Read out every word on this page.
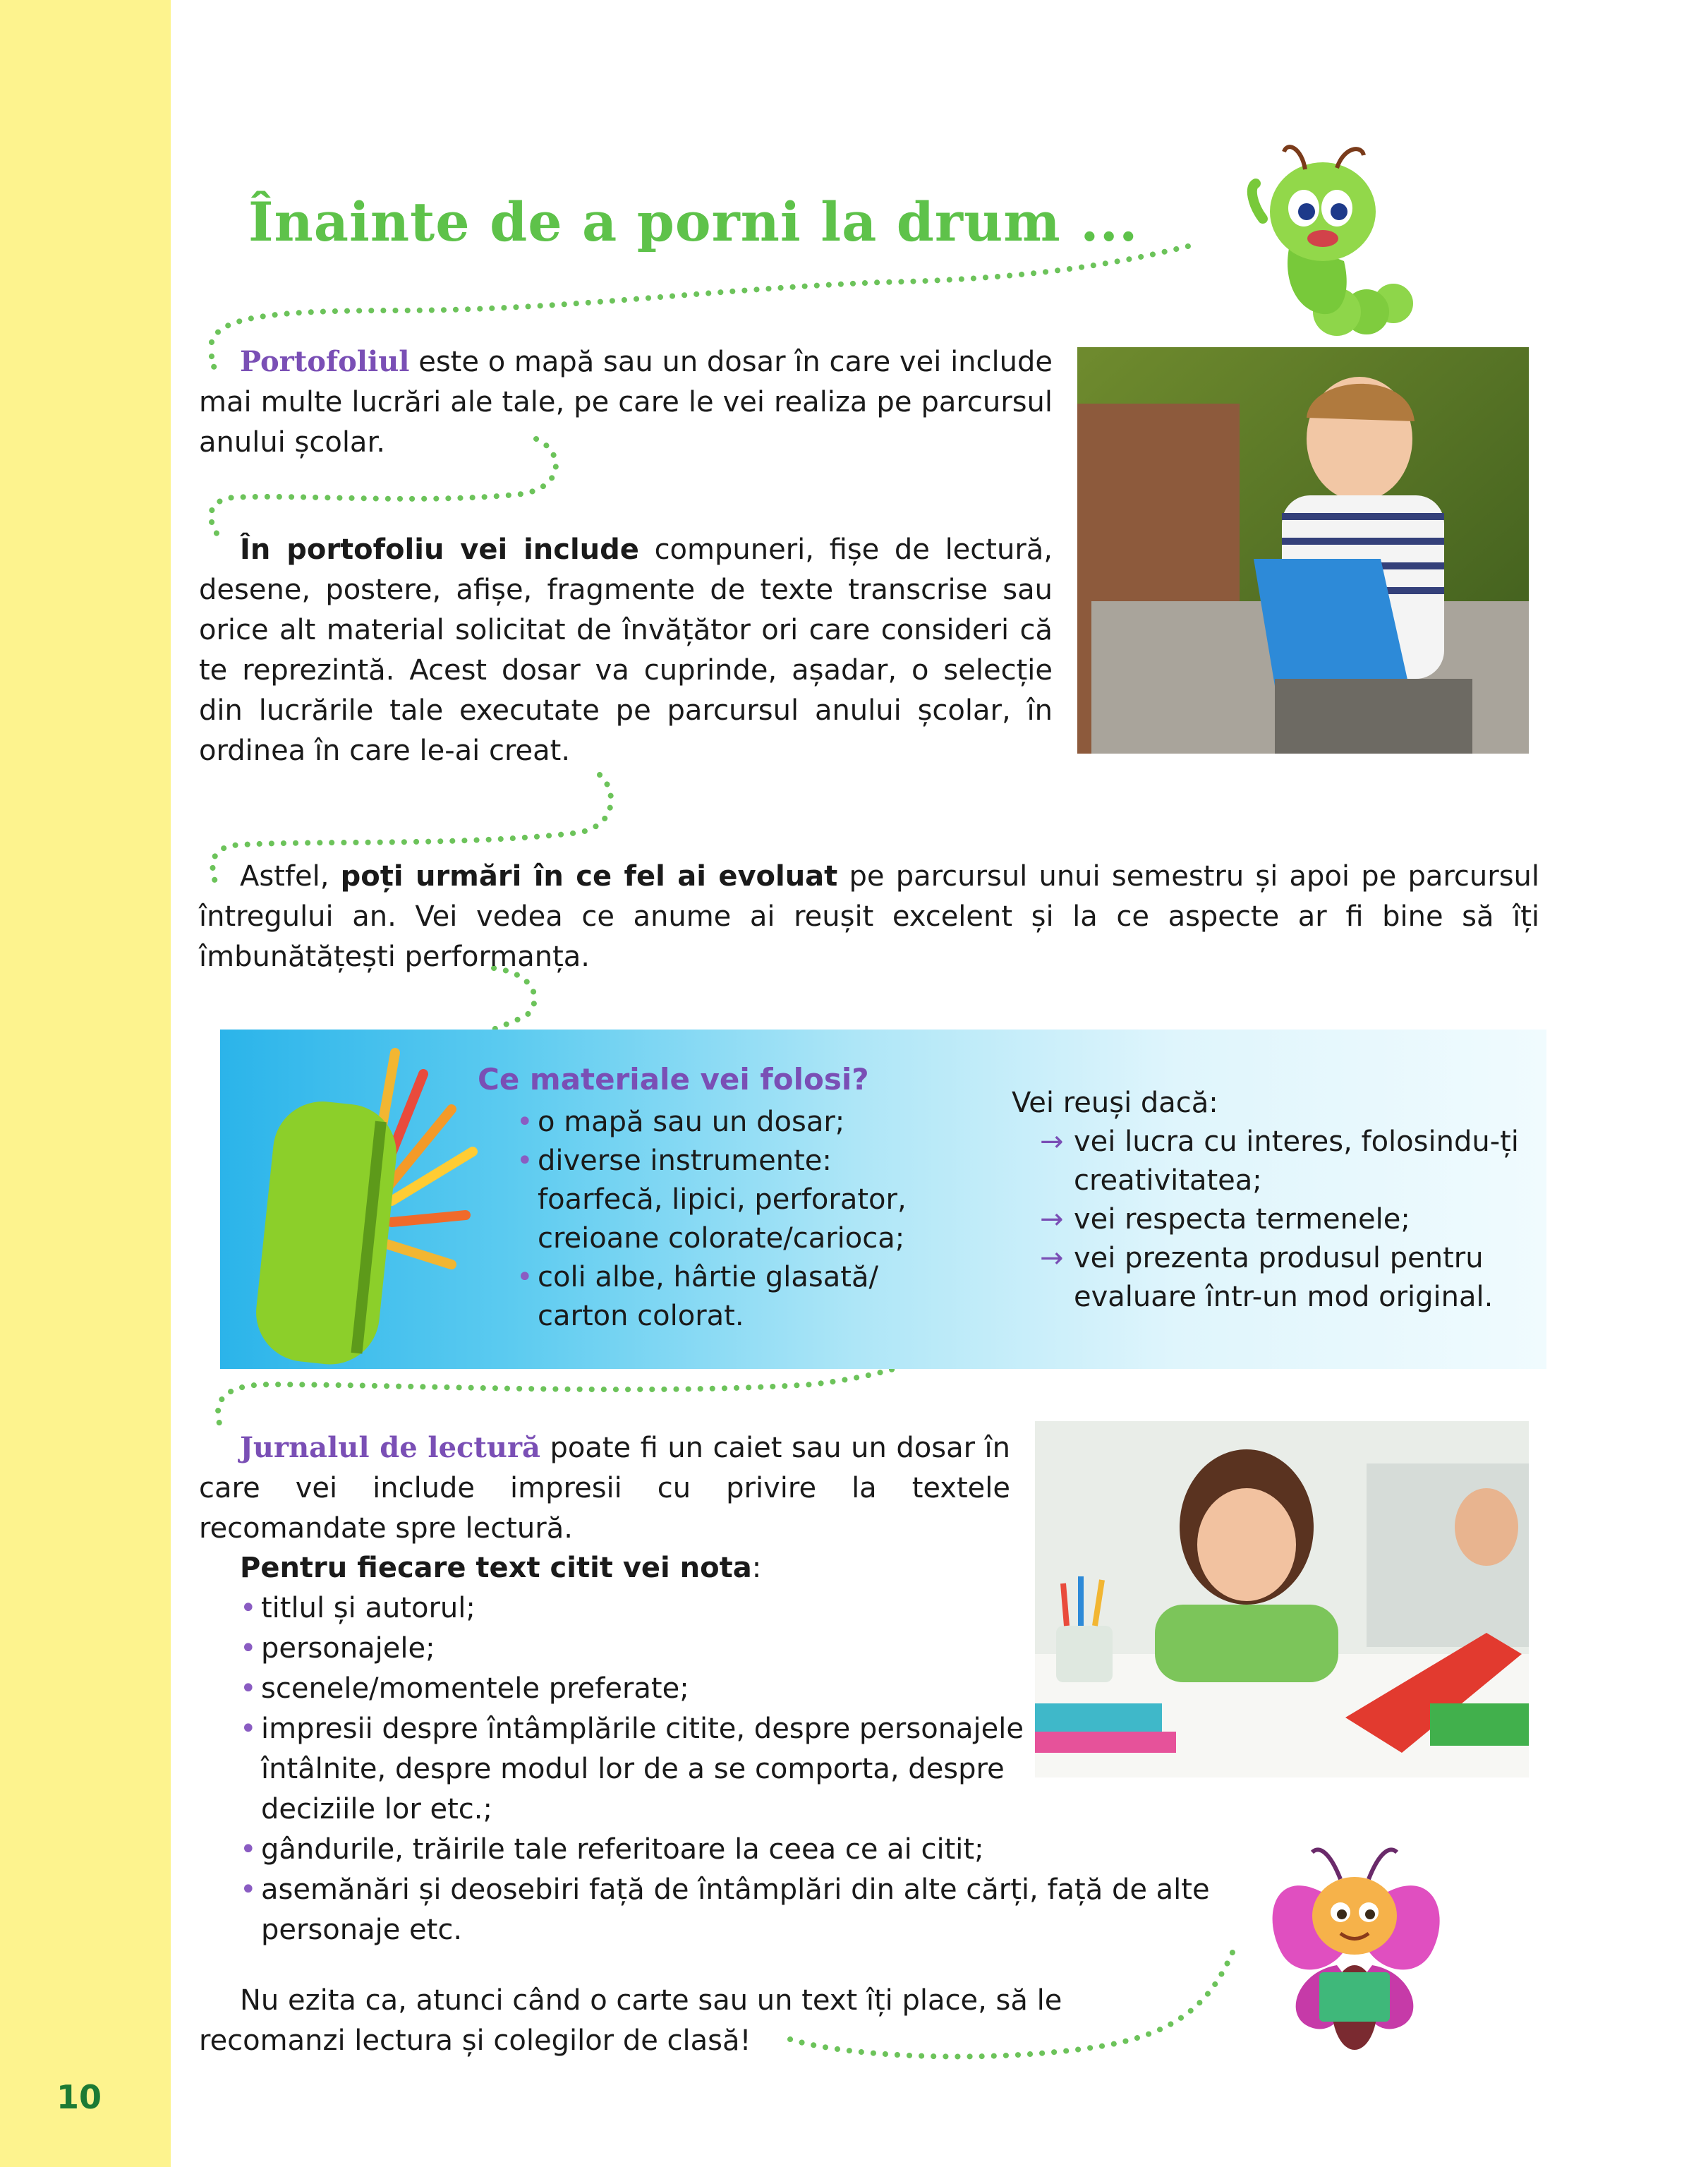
10
Înainte de a porni la drum ...

Portofoliul este o mapă sau un dosar în care vei include mai multe lucrări ale tale, pe care le vei realiza pe parcursul anului școlar.

În portofoliu vei include compuneri, fișe de lectură, desene, postere, afișe, fragmente de texte transcrise sau orice alt material solicitat de învățător ori care consideri că te reprezintă. Acest dosar va cuprinde, așadar, o selecție din lucrările tale executate pe parcursul anului școlar, în ordinea în care le-ai creat.

Astfel, poți urmări în ce fel ai evoluat pe parcursul unui semestru și apoi pe parcursul întregului an. Vei vedea ce anume ai reușit excelent și la ce aspecte ar fi bine să îți îmbunătățești performanța.

Ce materiale vei folosi?
• o mapă sau un dosar;
• diverse instrumente: foarfecă, lipici, perforator, creioane colorate/carioca;
• coli albe, hârtie glasată/ carton colorat.
Vei reuși dacă:
→ vei lucra cu interes, folosindu-ți creativitatea;
→ vei respecta termenele;
→ vei prezenta produsul pentru evaluare într-un mod original.

Jurnalul de lectură poate fi un caiet sau un dosar în care vei include impresii cu privire la textele recomandate spre lectură.

Pentru fiecare text citit vei nota:
• titlul și autorul;
• personajele;
• scenele/momentele preferate;
• impresii despre întâmplările citite, despre personajele întâlnite, despre modul lor de a se comporta, despre deciziile lor etc.;
• gândurile, trăirile tale referitoare la ceea ce ai citit;
• asemănări și deosebiri față de întâmplări din alte cărți, față de alte personaje etc.

Nu ezita ca, atunci când o carte sau un text îți place, să le recomanzi lectura și colegilor de clasă!
